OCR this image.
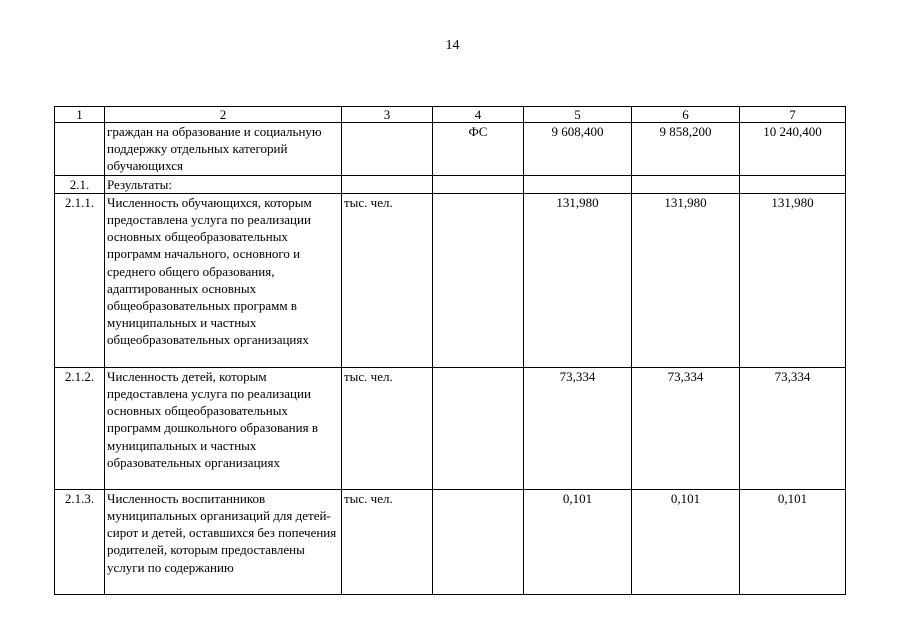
14
1	2	3	4	5	6	7
	граждан на образование и социальную поддержку отдельных категорий обучающихся		ФС	9 608,400	9 858,200	10 240,400
2.1.	Результаты:					
2.1.1.	Численность обучающихся, которым предоставлена услуга по реализации основных общеобразовательных программ начального, основного и среднего общего образования, адаптированных основных общеобразовательных программ в муниципальных и частных общеобразовательных организациях	тыс. чел.		131,980	131,980	131,980
2.1.2.	Численность детей, которым предоставлена услуга по реализации основных общеобразовательных программ дошкольного образования в муниципальных и частных образовательных организациях	тыс. чел.		73,334	73,334	73,334
2.1.3.	Численность воспитанников муниципальных организаций для детей-сирот и детей, оставшихся без попечения родителей, которым предоставлены услуги по содержанию	тыс. чел.		0,101	0,101	0,101
